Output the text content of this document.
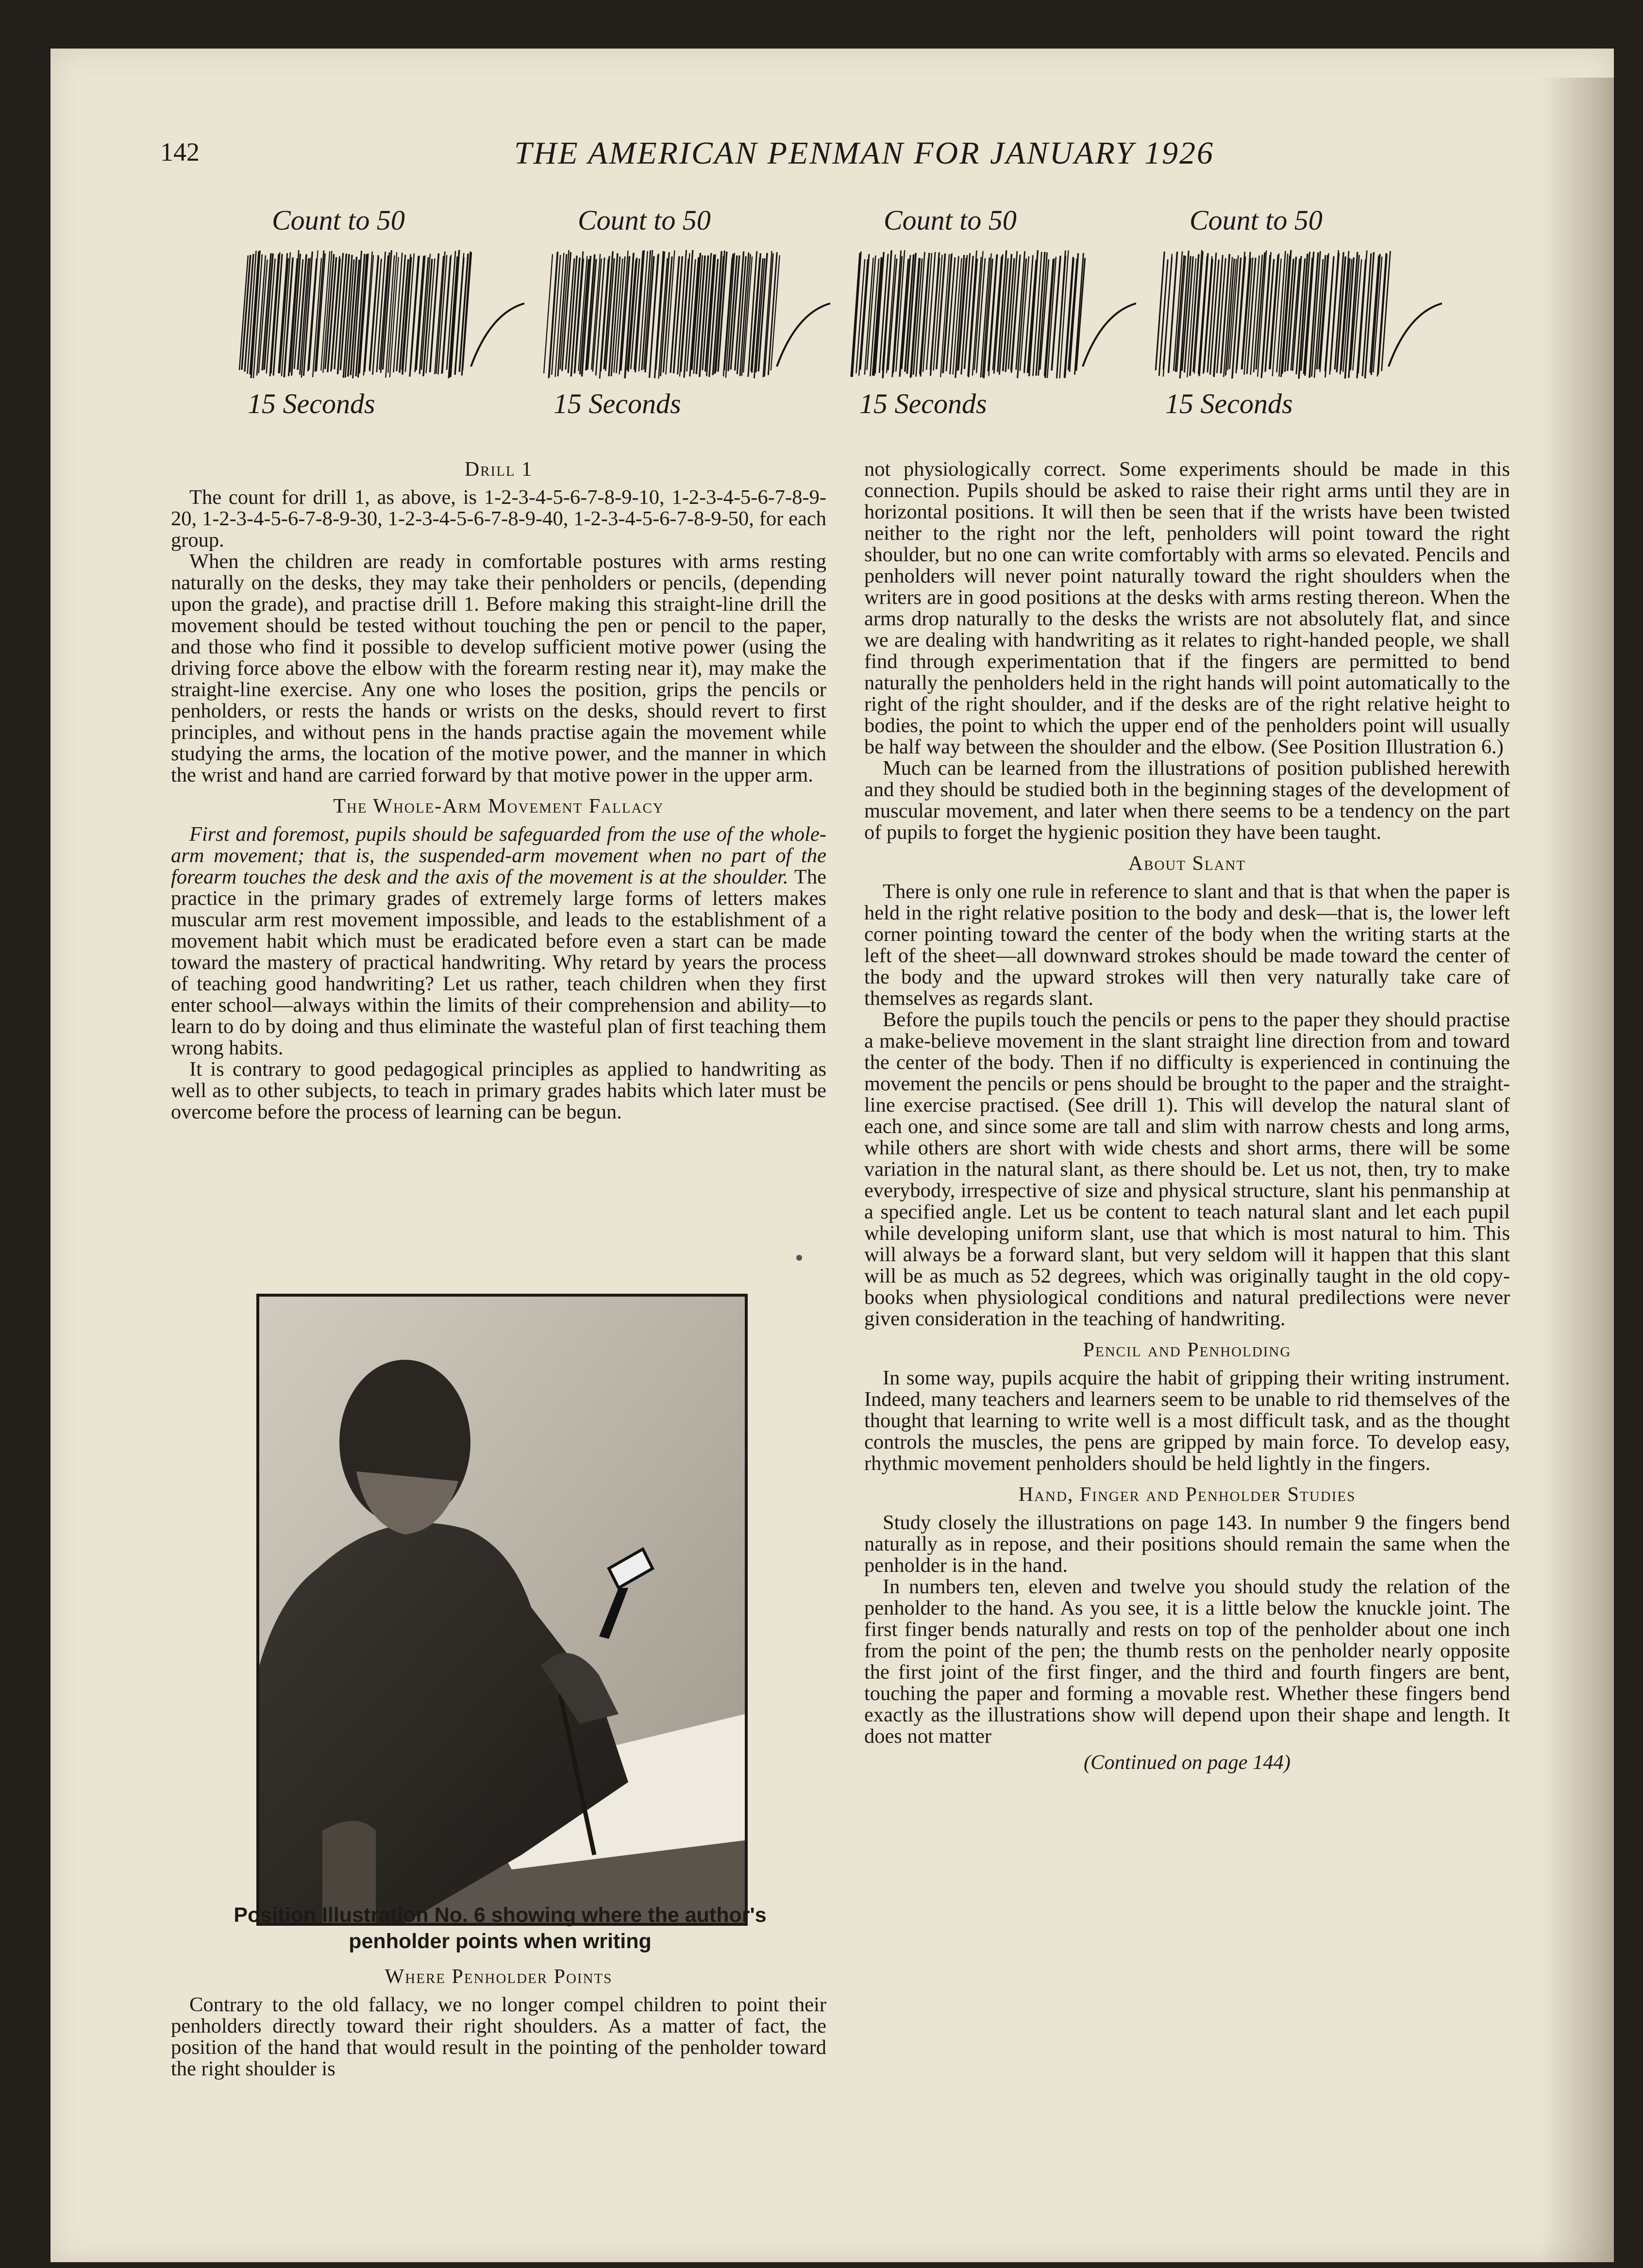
142	THE AMERICAN PENMAN FOR JANUARY 1926
Count to 50
15 Seconds
Count to 50
15 Seconds
Count to 50
15 Seconds
Count to 50
15 Seconds
Drill 1

The count for drill 1, as above, is 1-2-3-4-5-6-7-8-9-10, 1-2-3-4-5-6-7-8-9-20, 1-2-3-4-5-6-7-8-9-30, 1-2-3-4-5-6-7-8-9-40, 1-2-3-4-5-6-7-8-9-50, for each group.

When the children are ready in comfortable postures with arms resting naturally on the desks, they may take their penholders or pencils, (depending upon the grade), and practise drill 1. Before making this straight-line drill the movement should be tested without touching the pen or pencil to the paper, and those who find it possible to develop sufficient motive power (using the driving force above the elbow with the forearm resting near it), may make the straight-line exercise. Any one who loses the position, grips the pencils or penholders, or rests the hands or wrists on the desks, should revert to first principles, and without pens in the hands practise again the movement while studying the arms, the location of the motive power, and the manner in which the wrist and hand are carried forward by that motive power in the upper arm.

The Whole-Arm Movement Fallacy

First and foremost, pupils should be safeguarded from the use of the whole-arm movement; that is, the suspended-arm movement when no part of the forearm touches the desk and the axis of the movement is at the shoulder. The practice in the primary grades of extremely large forms of letters makes muscular arm rest movement impossible, and leads to the establishment of a movement habit which must be eradicated before even a start can be made toward the mastery of practical handwriting. Why retard by years the process of teaching good handwriting? Let us rather, teach children when they first enter school—always within the limits of their comprehension and ability—to learn to do by doing and thus eliminate the wasteful plan of first teaching them wrong habits.

It is contrary to good pedagogical principles as applied to handwriting as well as to other subjects, to teach in primary grades habits which later must be overcome before the process of learning can be begun.

Position Illustration No. 6 showing where the author's penholder points when writing
Where Penholder Points

Contrary to the old fallacy, we no longer compel children to point their penholders directly toward their right shoulders. As a matter of fact, the position of the hand that would result in the pointing of the penholder toward the right shoulder is

not physiologically correct. Some experiments should be made in this connection. Pupils should be asked to raise their right arms until they are in horizontal positions. It will then be seen that if the wrists have been twisted neither to the right nor the left, penholders will point toward the right shoulder, but no one can write comfortably with arms so elevated. Pencils and penholders will never point naturally toward the right shoulders when the writers are in good positions at the desks with arms resting thereon. When the arms drop naturally to the desks the wrists are not absolutely flat, and since we are dealing with handwriting as it relates to right-handed people, we shall find through experimentation that if the fingers are permitted to bend naturally the penholders held in the right hands will point automatically to the right of the right shoulder, and if the desks are of the right relative height to bodies, the point to which the upper end of the penholders point will usually be half way between the shoulder and the elbow. (See Position Illustration 6.)

Much can be learned from the illustrations of position published herewith and they should be studied both in the beginning stages of the development of muscular movement, and later when there seems to be a tendency on the part of pupils to forget the hygienic position they have been taught.

About Slant

There is only one rule in reference to slant and that is that when the paper is held in the right relative position to the body and desk—that is, the lower left corner pointing toward the center of the body when the writing starts at the left of the sheet—all downward strokes should be made toward the center of the body and the upward strokes will then very naturally take care of themselves as regards slant.

Before the pupils touch the pencils or pens to the paper they should practise a make-believe movement in the slant straight line direction from and toward the center of the body. Then if no difficulty is experienced in continuing the movement the pencils or pens should be brought to the paper and the straight-line exercise practised. (See drill 1). This will develop the natural slant of each one, and since some are tall and slim with narrow chests and long arms, while others are short with wide chests and short arms, there will be some variation in the natural slant, as there should be. Let us not, then, try to make everybody, irrespective of size and physical structure, slant his penmanship at a specified angle. Let us be content to teach natural slant and let each pupil while developing uniform slant, use that which is most natural to him. This will always be a forward slant, but very seldom will it happen that this slant will be as much as 52 degrees, which was originally taught in the old copy-books when physiological conditions and natural predilections were never given consideration in the teaching of handwriting.

Pencil and Penholding

In some way, pupils acquire the habit of gripping their writing instrument. Indeed, many teachers and learners seem to be unable to rid themselves of the thought that learning to write well is a most difficult task, and as the thought controls the muscles, the pens are gripped by main force. To develop easy, rhythmic movement penholders should be held lightly in the fingers.

Hand, Finger and Penholder Studies

Study closely the illustrations on page 143. In number 9 the fingers bend naturally as in repose, and their positions should remain the same when the penholder is in the hand.

In numbers ten, eleven and twelve you should study the relation of the penholder to the hand. As you see, it is a little below the knuckle joint. The first finger bends naturally and rests on top of the penholder about one inch from the point of the pen; the thumb rests on the penholder nearly opposite the first joint of the first finger, and the third and fourth fingers are bent, touching the paper and forming a movable rest. Whether these fingers bend exactly as the illustrations show will depend upon their shape and length. It does not matter

(Continued on page 144)
